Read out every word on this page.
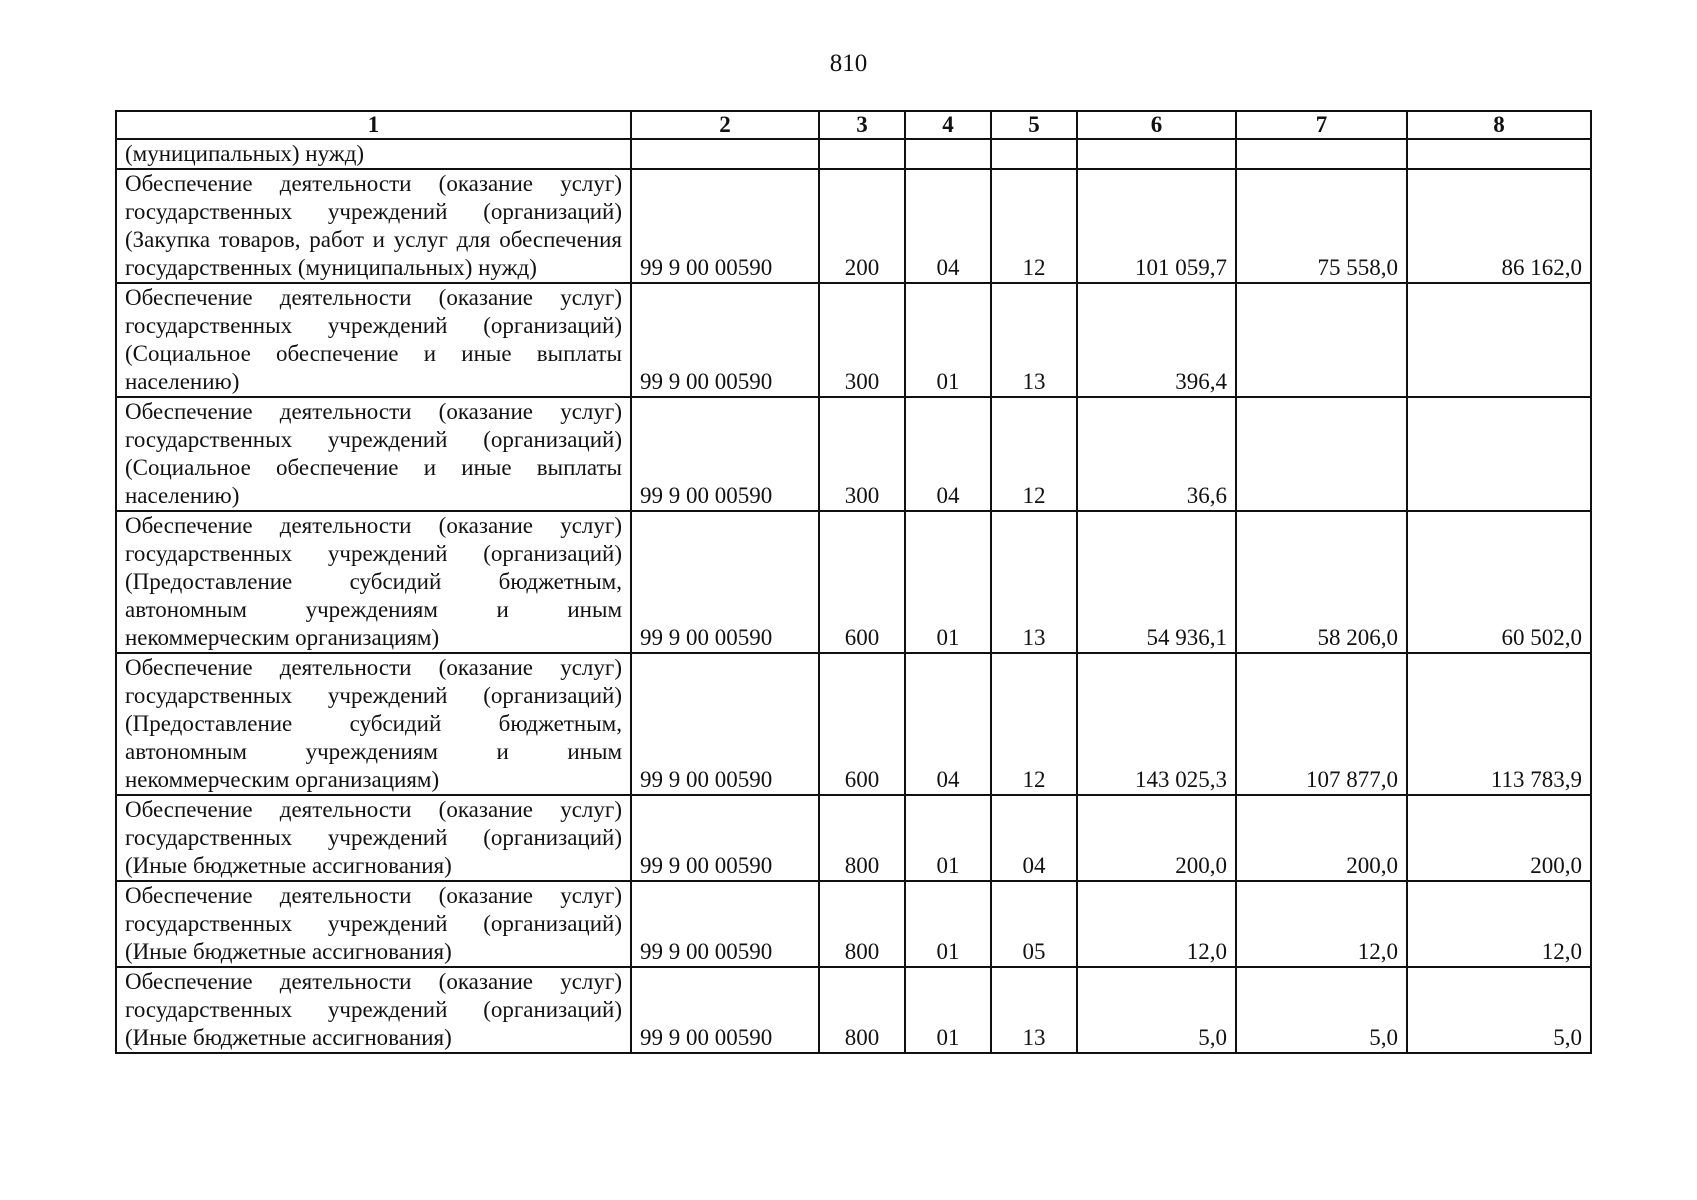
810
1	2	3	4	5	6	7	8
(муниципальных) нужд)							
Обеспечение деятельности (оказание услуг) государственных учреждений (организаций) (Закупка товаров, работ и услуг для обеспечения государственных (муниципальных) нужд)	99 9 00 00590	200	04	12	101 059,7	75 558,0	86 162,0
Обеспечение деятельности (оказание услуг) государственных учреждений (организаций) (Социальное обеспечение и иные выплаты населению)	99 9 00 00590	300	01	13	396,4		
Обеспечение деятельности (оказание услуг) государственных учреждений (организаций) (Социальное обеспечение и иные выплаты населению)	99 9 00 00590	300	04	12	36,6		
Обеспечение деятельности (оказание услуг) государственных учреждений (организаций) (Предоставление субсидий бюджетным, автономным учреждениям и иным некоммерческим организациям)	99 9 00 00590	600	01	13	54 936,1	58 206,0	60 502,0
Обеспечение деятельности (оказание услуг) государственных учреждений (организаций) (Предоставление субсидий бюджетным, автономным учреждениям и иным некоммерческим организациям)	99 9 00 00590	600	04	12	143 025,3	107 877,0	113 783,9
Обеспечение деятельности (оказание услуг) государственных учреждений (организаций) (Иные бюджетные ассигнования)	99 9 00 00590	800	01	04	200,0	200,0	200,0
Обеспечение деятельности (оказание услуг) государственных учреждений (организаций) (Иные бюджетные ассигнования)	99 9 00 00590	800	01	05	12,0	12,0	12,0
Обеспечение деятельности (оказание услуг) государственных учреждений (организаций) (Иные бюджетные ассигнования)	99 9 00 00590	800	01	13	5,0	5,0	5,0
